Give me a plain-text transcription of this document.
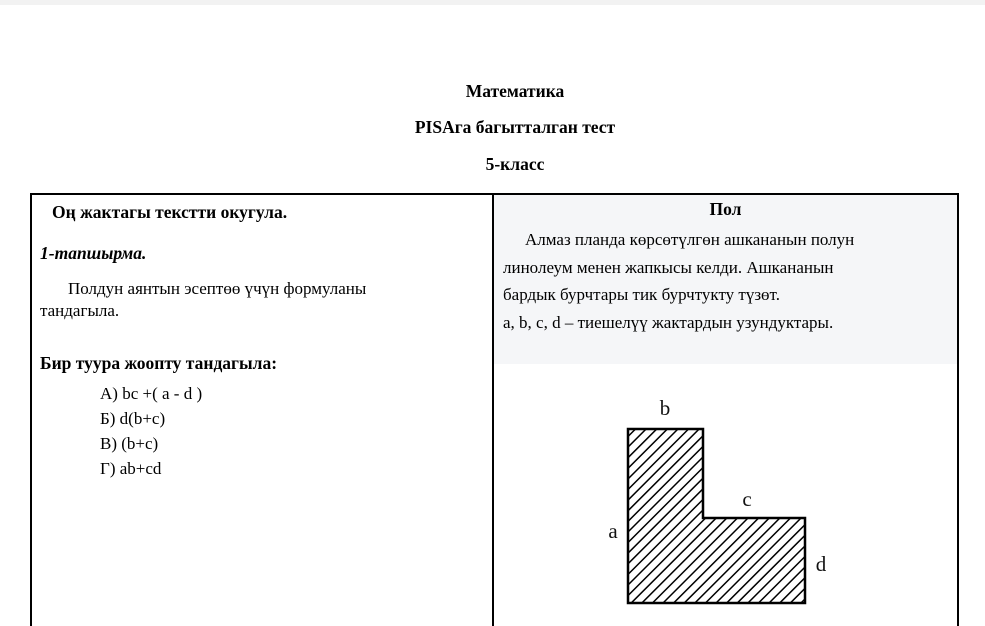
Математика
PISAга багытталган тест
5-класс
Оң жактагы текстти окугула.
1-тапшырма.
Полдун аянтын эсептөө үчүн формуланы
тандагыла.
Бир туура жоопту тандагыла:
А) bc +( a - d )
Б) d(b+c)
В) (b+c)
Г) ab+cd
Пол
Алмаз планда көрсөтүлгөн ашкананын полун
линолеум менен жапкысы келди. Ашкананын
бардык бурчтары тик бурчтукту түзөт.
a, b, c, d – тиешелүү жактардын узундуктары.
b
a
c
d
